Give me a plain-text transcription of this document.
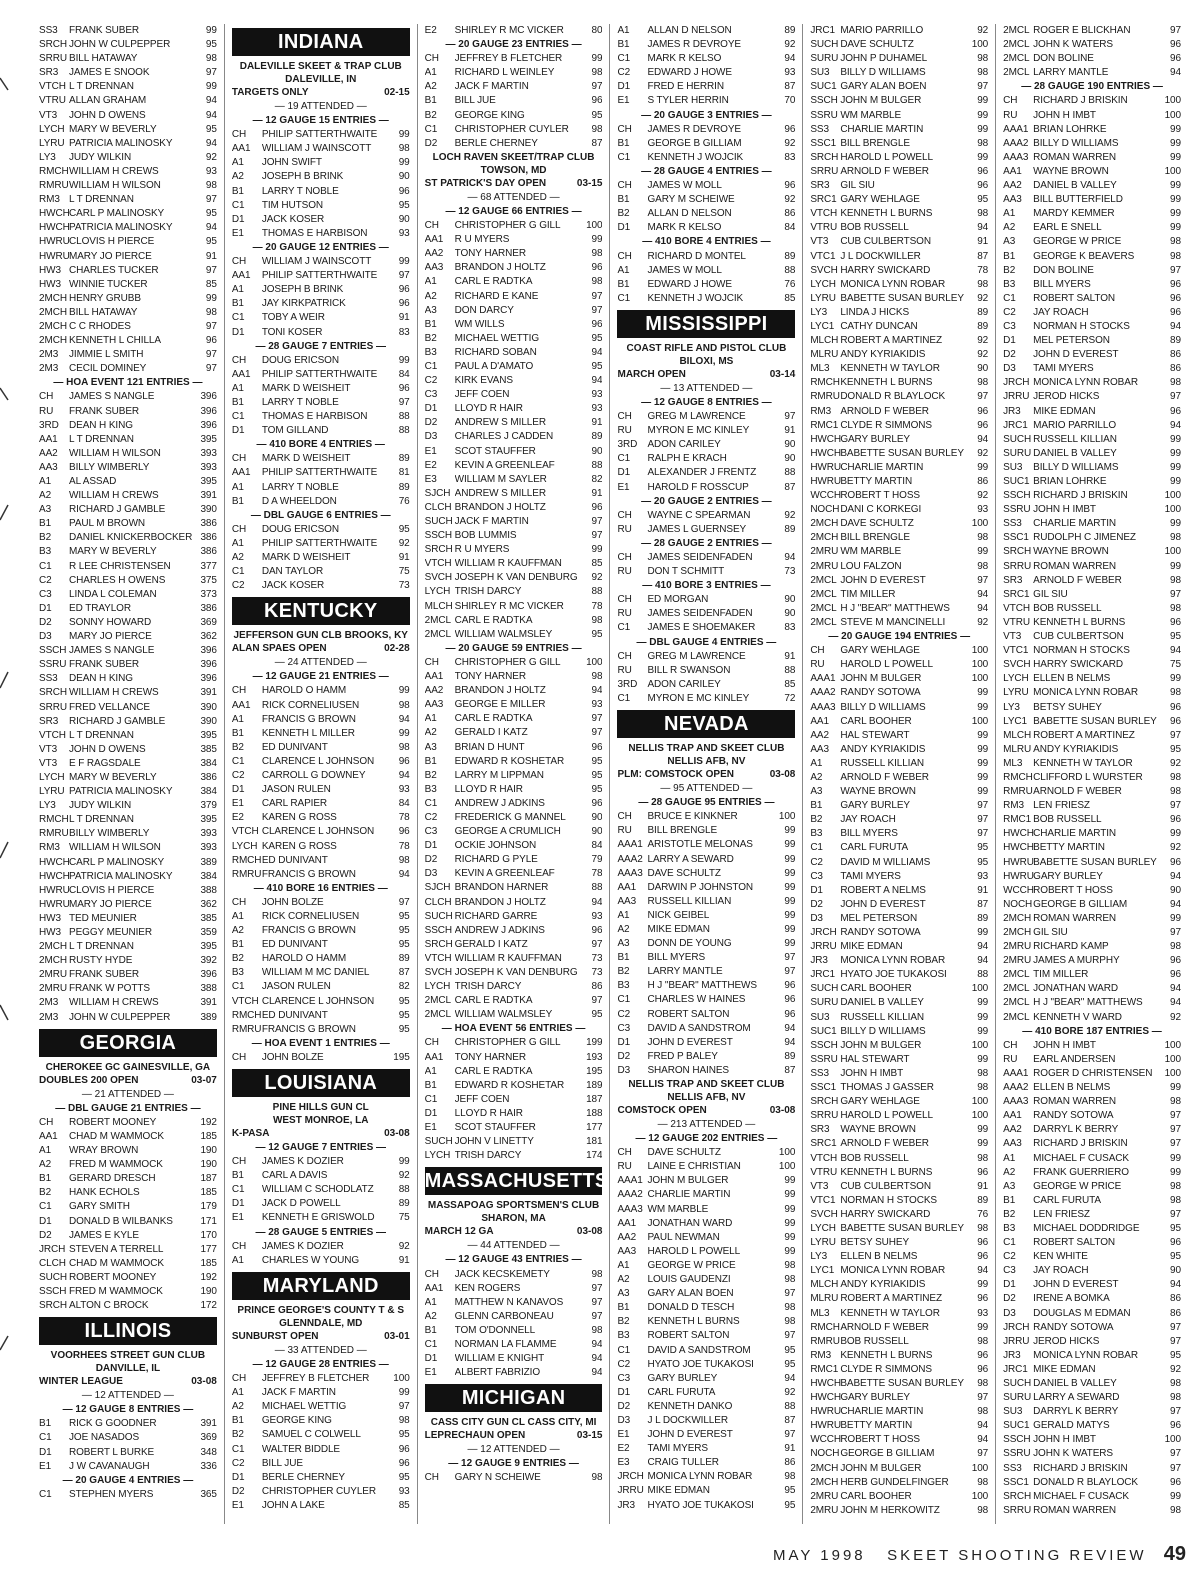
SS3	FRANK SUBER	99
SRCH JOHN W CULPEPPER	95
SRRU BILL HATAWAY	98
SR3	JAMES E SNOOK	97
VTCH L T DRENNAN	99
VTRU ALLAN GRAHAM	94
VT3	JOHN D OWENS	94
LYCH MARY W BEVERLY	95
LYRU PATRICIA MALINOSKY	94
LY3	JUDY WILKIN	92
RMCH WILLIAM H CREWS	93
RMRU WILLIAM H WILSON	98
RM3 L T DRENNAN	97
HWCH CARL P MALINOSKY	95
HWCH PATRICIA MALINOSKY	94
HWRU CLOVIS H PIERCE	95
HWRU MARY JO PIERCE	91
HW3 CHARLES TUCKER	97
HW3 WINNIE TUCKER	85
2MCH HENRY GRUBB	99
2MCH BILL HATAWAY	98
2MCH C C RHODES	97
2MCH KENNETH L CHILLA	96
2M3	JIMMIE L SMITH	97
2M3	CECIL DOMINEY	97
— HOA EVENT 121 ENTRIES —
CH	JAMES S NANGLE	396
RU	FRANK SUBER	396
3RD	DEAN H KING	396
AA1	L T DRENNAN	395
AA2	WILLIAM H WILSON	393
AA3	BILLY WIMBERLY	393
A1	AL ASSAD	395
A2	WILLIAM H CREWS	391
A3	RICHARD J GAMBLE	390
B1	PAUL M BROWN	386
B2	DANIEL KNICKERBOCKER 386
B3	MARY W BEVERLY	386
C1	R LEE CHRISTENSEN	377
C2	CHARLES H OWENS	375
C3	LINDA L COLEMAN	373
D1	ED TRAYLOR	386
D2	SONNY HOWARD	369
D3	MARY JO PIERCE	362
SSCH JAMES S NANGLE	396
SSRU FRANK SUBER	396
SS3	DEAN H KING	396
SRCH WILLIAM H CREWS	391
SRRU FRED VELLANCE	390
SR3	RICHARD J GAMBLE	390
VTCH L T DRENNAN	395
VT3	JOHN D OWENS	385
VT3	E F RAGSDALE	384
LYCH MARY W BEVERLY	386
LYRU PATRICIA MALINOSKY	384
LY3	JUDY WILKIN	379
RMCH L T DRENNAN	395
RMRU BILLY WIMBERLY	393
RM3 WILLIAM H WILSON	393
HWCH CARL P MALINOSKY	389
HWCH PATRICIA MALINOSKY	384
HWRU CLOVIS H PIERCE	388
HWRU MARY JO PIERCE	362
HW3 TED MEUNIER	385
HW3 PEGGY MEUNIER	359
2MCH L T DRENNAN	395
2MCH RUSTY HYDE	392
2MRU FRANK SUBER	396
2MRU FRANK W POTTS	388
2M3	WILLIAM H CREWS	391
2M3	JOHN W CULPEPPER	389
GEORGIA
CHEROKEE GC GAINESVILLE, GA
DOUBLES 200 OPEN	03-07
— 21 ATTENDED —
— DBL GAUGE 21 ENTRIES —
CH	ROBERT MOONEY	192
AA1	CHAD M WAMMOCK	185
A1	WRAY BROWN	190
A2	FRED M WAMMOCK	190
B1	GERARD DRESCH	187
B2	HANK ECHOLS	185
C1	GARY SMITH	179
D1	DONALD B WILBANKS	171
D2	JAMES E KYLE	170
JRCH STEVEN A TERRELL	177
CLCH CHAD M WAMMOCK	185
SUCH ROBERT MOONEY	192
SSCH FRED M WAMMOCK	190
SRCH ALTON C BROCK	172
ILLINOIS
VOORHEES STREET GUN CLUB
DANVILLE, IL
WINTER LEAGUE	03-08
— 12 ATTENDED —
— 12 GAUGE 8 ENTRIES —
B1	RICK G GOODNER	391
C1	JOE NASADOS	369
D1	ROBERT L BURKE	348
E1	J W CAVANAUGH	336
— 20 GAUGE 4 ENTRIES —
C1	STEPHEN MYERS	365
INDIANA
DALEVILLE SKEET & TRAP CLUB
DALEVILLE, IN
TARGETS ONLY	02-15
— 19 ATTENDED —
— 12 GAUGE 15 ENTRIES —
CH	PHILIP SATTERTHWAITE	99
AA1	WILLIAM J WAINSCOTT	98
A1	JOHN SWIFT	99
A2	JOSEPH B BRINK	90
B1	LARRY T NOBLE	96
C1	TIM HUTSON	95
D1	JACK KOSER	90
E1	THOMAS E HARBISON	93
— 20 GAUGE 12 ENTRIES —
CH	WILLIAM J WAINSCOTT	99
AA1	PHILIP SATTERTHWAITE	97
A1	JOSEPH B BRINK	96
B1	JAY KIRKPATRICK	96
C1	TOBY A WEIR	91
D1	TONI KOSER	83
— 28 GAUGE 7 ENTRIES —
CH	DOUG ERICSON	99
AA1	PHILIP SATTERTHWAITE	84
A1	MARK D WEISHEIT	96
B1	LARRY T NOBLE	97
C1	THOMAS E HARBISON	88
D1	TOM GILLAND	88
— 410 BORE 4 ENTRIES —
CH	MARK D WEISHEIT	89
AA1	PHILIP SATTERTHWAITE	81
A1	LARRY T NOBLE	89
B1	D A WHEELDON	76
— DBL GAUGE 6 ENTRIES —
CH	DOUG ERICSON	95
A1	PHILIP SATTERTHWAITE	92
A2	MARK D WEISHEIT	91
C1	DAN TAYLOR	75
C2	JACK KOSER	73
KENTUCKY
JEFFERSON GUN CLB BROOKS, KY
ALAN SPAES OPEN	02-28
— 24 ATTENDED —
— 12 GAUGE 21 ENTRIES —
CH	HAROLD O HAMM	99
AA1	RICK CORNELIUSEN	98
A1	FRANCIS G BROWN	94
B1	KENNETH L MILLER	99
B2	ED DUNIVANT	98
C1	CLARENCE L JOHNSON	96
C2	CARROLL G DOWNEY	94
D1	JASON RULEN	93
E1	CARL RAPIER	84
E2	KAREN G ROSS	78
VTCH CLARENCE L JOHNSON	96
LYCH KAREN G ROSS	78
RMCH ED DUNIVANT	98
RMRU FRANCIS G BROWN	94
— 410 BORE 16 ENTRIES —
CH	JOHN BOLZE	97
A1	RICK CORNELIUSEN	95
A2	FRANCIS G BROWN	95
B1	ED DUNIVANT	95
B2	HAROLD O HAMM	89
B3	WILLIAM M MC DANIEL	87
C1	JASON RULEN	82
VTCH CLARENCE L JOHNSON	95
RMCH ED DUNIVANT	95
RMRU FRANCIS G BROWN	95
— HOA EVENT 1 ENTRIES —
CH	JOHN BOLZE	195
LOUISIANA
PINE HILLS GUN CL
WEST MONROE, LA
K-PASA	03-08
— 12 GAUGE 7 ENTRIES —
CH	JAMES K DOZIER	99
B1	CARL A DAVIS	92
C1	WILLIAM C SCHODLATZ	88
D1	JACK D POWELL	89
E1	KENNETH E GRISWOLD	75
— 28 GAUGE 5 ENTRIES —
CH	JAMES K DOZIER	92
A1	CHARLES W YOUNG	91
MARYLAND
PRINCE GEORGE'S COUNTY T & S
GLENNDALE, MD
SUNBURST OPEN	03-01
— 33 ATTENDED —
— 12 GAUGE 28 ENTRIES —
CH	JEFFREY B FLETCHER	100
A1	JACK F MARTIN	99
A2	MICHAEL WETTIG	97
B1	GEORGE KING	98
B2	SAMUEL C COLWELL	95
C1	WALTER BIDDLE	96
C2	BILL JUE	96
D1	BERLE CHERNEY	95
D2	CHRISTOPHER CUYLER	93
E1	JOHN A LAKE	85
E2	SHIRLEY R MC VICKER	80
— 20 GAUGE 23 ENTRIES —
CH	JEFFREY B FLETCHER	99
A1	RICHARD L WEINLEY	98
A2	JACK F MARTIN	97
B1	BILL JUE	96
B2	GEORGE KING	95
C1	CHRISTOPHER CUYLER	98
D2	BERLE CHERNEY	87
LOCH RAVEN SKEET/TRAP CLUB
TOWSON, MD
ST PATRICK'S DAY OPEN	03-15
— 68 ATTENDED —
— 12 GAUGE 66 ENTRIES —
CH	CHRISTOPHER G GILL	100
AA1	R U MYERS	99
AA2	TONY HARNER	98
AA3	BRANDON J HOLTZ	96
A1	CARL E RADTKA	98
A2	RICHARD E KANE	97
A3	DON DARCY	97
B1	WM WILLS	96
B2	MICHAEL WETTIG	95
B3	RICHARD SOBAN	94
C1	PAUL A D'AMATO	95
C2	KIRK EVANS	94
C3	JEFF COEN	93
D1	LLOYD R HAIR	93
D2	ANDREW S MILLER	91
D3	CHARLES J CADDEN	89
E1	SCOT STAUFFER	90
E2	KEVIN A GREENLEAF	88
E3	WILLIAM M SAYLER	82
SJCH ANDREW S MILLER	91
CLCH BRANDON J HOLTZ	96
SUCH JACK F MARTIN	97
SSCH BOB LUMMIS	97
SRCH R U MYERS	99
VTCH WILLIAM R KAUFFMAN	85
SVCH JOSEPH K VAN DENBURG	92
LYCH TRISH DARCY	88
MLCH SHIRLEY R MC VICKER	78
2MCL CARL E RADTKA	98
2MCL WILLIAM WALMSLEY	95
— 20 GAUGE 59 ENTRIES —
CH	CHRISTOPHER G GILL	100
AA1	TONY HARNER	98
AA2	BRANDON J HOLTZ	94
AA3	GEORGE E MILLER	93
A1	CARL E RADTKA	97
A2	GERALD I KATZ	97
A3	BRIAN D HUNT	96
B1	EDWARD R KOSHETAR	95
B2	LARRY M LIPPMAN	95
B3	LLOYD R HAIR	95
C1	ANDREW J ADKINS	96
C2	FREDERICK G MANNEL	90
C3	GEORGE A CRUMLICH	90
D1	OCKIE JOHNSON	84
D2	RICHARD G PYLE	79
D3	KEVIN A GREENLEAF	78
SJCH BRANDON HARNER	88
CLCH BRANDON J HOLTZ	94
SUCH RICHARD GARRE	93
SSCH ANDREW J ADKINS	96
SRCH GERALD I KATZ	97
VTCH WILLIAM R KAUFFMAN	73
SVCH JOSEPH K VAN DENBURG	73
LYCH TRISH DARCY	86
2MCL CARL E RADTKA	97
2MCL WILLIAM WALMSLEY	95
— HOA EVENT 56 ENTRIES —
CH	CHRISTOPHER G GILL	199
AA1	TONY HARNER	193
A1	CARL E RADTKA	195
B1	EDWARD R KOSHETAR	189
C1	JEFF COEN	187
D1	LLOYD R HAIR	188
E1	SCOT STAUFFER	177
SUCH JOHN V LINETTY	181
LYCH TRISH DARCY	174
MASSACHUSETTS
MASSAPOAG SPORTSMEN'S CLUB
SHARON, MA
MARCH 12 GA	03-08
— 44 ATTENDED —
— 12 GAUGE 43 ENTRIES —
CH	JACK KECSKEMETY	98
AA1	KEN ROGERS	97
A1	MATTHEW N KANAVOS	97
A2	GLENN CARBONEAU	97
B1	TOM O'DONNELL	98
C1	NORMAN LA FLAMME	94
D1	WILLIAM E KNIGHT	94
E1	ALBERT FABRIZIO	94
MICHIGAN
CASS CITY GUN CL CASS CITY, MI
LEPRECHAUN OPEN	03-15
— 12 ATTENDED —
— 12 GAUGE 9 ENTRIES —
CH	GARY N SCHEIWE	98
A1	ALLAN D NELSON	89
B1	JAMES R DEVROYE	92
C1	MARK R KELSO	94
C2	EDWARD J HOWE	93
D1	FRED E HERRIN	87
E1	S TYLER HERRIN	70
— 20 GAUGE 3 ENTRIES —
CH	JAMES R DEVROYE	96
B1	GEORGE B GILLIAM	92
C1	KENNETH J WOJCIK	83
— 28 GAUGE 4 ENTRIES —
CH	JAMES W MOLL	96
B1	GARY M SCHEIWE	92
B2	ALLAN D NELSON	86
D1	MARK R KELSO	84
— 410 BORE 4 ENTRIES —
CH	RICHARD D MONTEL	89
A1	JAMES W MOLL	88
B1	EDWARD J HOWE	76
C1	KENNETH J WOJCIK	85
MISSISSIPPI
COAST RIFLE AND PISTOL CLUB
BILOXI, MS
MARCH OPEN	03-14
— 13 ATTENDED —
— 12 GAUGE 8 ENTRIES —
CH	GREG M LAWRENCE	97
RU	MYRON E MC KINLEY	91
3RD	ADON CARILEY	90
C1	RALPH E KRACH	90
D1	ALEXANDER J FRENTZ	88
E1	HAROLD F ROSSCUP	87
— 20 GAUGE 2 ENTRIES —
CH	WAYNE C SPEARMAN	92
RU	JAMES L GUERNSEY	89
— 28 GAUGE 2 ENTRIES —
CH	JAMES SEIDENFADEN	94
RU	DON T SCHMITT	73
— 410 BORE 3 ENTRIES —
CH	ED MORGAN	90
RU	JAMES SEIDENFADEN	90
C1	JAMES E SHOEMAKER	83
— DBL GAUGE 4 ENTRIES —
CH	GREG M LAWRENCE	91
RU	BILL R SWANSON	88
3RD	ADON CARILEY	85
C1	MYRON E MC KINLEY	72
NEVADA
NELLIS TRAP AND SKEET CLUB
NELLIS AFB, NV
PLM: COMSTOCK OPEN	03-08
— 95 ATTENDED —
— 28 GAUGE 95 ENTRIES —
CH	BRUCE E KINKNER	100
RU	BILL BRENGLE	99
AAA1 ARISTOTLE MELONAS	99
AAA2 LARRY A SEWARD	99
AAA3 DAVE SCHULTZ	99
AA1	DARWIN P JOHNSTON	99
AA3	RUSSELL KILLIAN	99
A1	NICK GEIBEL	99
A2	MIKE EDMAN	99
A3	DONN DE YOUNG	99
B1	BILL MYERS	97
B2	LARRY MANTLE	97
B3	H J "BEAR" MATTHEWS	96
C1	CHARLES W HAINES	96
C2	ROBERT SALTON	96
C3	DAVID A SANDSTROM	94
D1	JOHN D EVEREST	94
D2	FRED P BALEY	89
D3	SHARON HAINES	87
NELLIS TRAP AND SKEET CLUB
NELLIS AFB, NV
COMSTOCK OPEN	03-08
— 213 ATTENDED —
— 12 GAUGE 202 ENTRIES —
CH	DAVE SCHULTZ	100
RU	LAINE E CHRISTIAN	100
AAA1 JOHN M BULGER	99
AAA2 CHARLIE MARTIN	99
AAA3 WM MARBLE	99
AA1	JONATHAN WARD	99
AA2	PAUL NEWMAN	99
AA3	HAROLD L POWELL	99
A1	GEORGE W PRICE	98
A2	LOUIS GAUDENZI	98
A3	GARY ALAN BOEN	97
B1	DONALD D TESCH	98
B2	KENNETH L BURNS	98
B3	ROBERT SALTON	97
C1	DAVID A SANDSTROM	95
C2	HYATO JOE TUKAKOSI	95
C3	GARY BURLEY	94
D1	CARL FURUTA	92
D2	KENNETH DANKO	88
D3	J L DOCKWILLER	87
E1	JOHN D EVEREST	97
E2	TAMI MYERS	91
E3	CRAIG TULLER	86
JRCH MONICA LYNN ROBAR	98
JRRU MIKE EDMAN	95
JR3	HYATO JOE TUKAKOSI	95
JRC1 MARIO PARRILLO	92
SUCH DAVE SCHULTZ	100
SURU JOHN P DUHAMEL	98
SU3	BILLY D WILLIAMS	98
SUC1 GARY ALAN BOEN	97
SSCH JOHN M BULGER	99
SSRU WM MARBLE	99
SS3	CHARLIE MARTIN	99
SSC1 BILL BRENGLE	98
SRCH HAROLD L POWELL	99
SRRU ARNOLD F WEBER	96
SR3	GIL SIU	96
SRC1 GARY WEHLAGE	95
VTCH KENNETH L BURNS	98
VTRU BOB RUSSELL	94
VT3	CUB CULBERTSON	91
VTC1 J L DOCKWILLER	87
SVCH HARRY SWICKARD	78
LYCH MONICA LYNN ROBAR	98
LYRU BABETTE SUSAN BURLEY	92
LY3	LINDA J HICKS	89
LYC1 CATHY DUNCAN	89
MLCH ROBERT A MARTINEZ	92
MLRU ANDY KYRIAKIDIS	92
ML3	KENNETH W TAYLOR	90
RMCH KENNETH L BURNS	98
RMRU DONALD R BLAYLOCK	97
RM3 ARNOLD F WEBER	96
RMC1 CLYDE R SIMMONS	96
HWCH GARY BURLEY	94
HWCH BABETTE SUSAN BURLEY	92
HWRU CHARLIE MARTIN	99
HWRU BETTY MARTIN	86
WCCH ROBERT T HOSS	92
NOCH DANI C KORKEGI	93
2MCH DAVE SCHULTZ	100
2MCH BILL BRENGLE	98
2MRU WM MARBLE	99
2MRU LOU FALZON	98
2MCL JOHN D EVEREST	97
2MCL TIM MILLER	94
2MCL H J "BEAR" MATTHEWS	94
2MCL STEVE M MANCINELLI	92
— 20 GAUGE 194 ENTRIES —
CH	GARY WEHLAGE	100
RU	HAROLD L POWELL	100
AAA1 JOHN M BULGER	100
AAA2 RANDY SOTOWA	99
AAA3 BILLY D WILLIAMS	99
AA1	CARL BOOHER	100
AA2	HAL STEWART	99
AA3	ANDY KYRIAKIDIS	99
A1	RUSSELL KILLIAN	99
A2	ARNOLD F WEBER	99
A3	WAYNE BROWN	99
B1	GARY BURLEY	97
B2	JAY ROACH	97
B3	BILL MYERS	97
C1	CARL FURUTA	95
C2	DAVID M WILLIAMS	95
C3	TAMI MYERS	93
D1	ROBERT A NELMS	91
D2	JOHN D EVEREST	87
D3	MEL PETERSON	89
JRCH RANDY SOTOWA	99
JRRU MIKE EDMAN	94
JR3	MONICA LYNN ROBAR	94
JRC1 HYATO JOE TUKAKOSI	88
SUCH CARL BOOHER	100
SURU DANIEL B VALLEY	99
SU3	RUSSELL KILLIAN	99
SUC1 BILLY D WILLIAMS	99
SSCH JOHN M BULGER	100
SSRU HAL STEWART	99
SS3	JOHN H IMBT	98
SSC1 THOMAS J GASSER	98
SRCH GARY WEHLAGE	100
SRRU HAROLD L POWELL	100
SR3	WAYNE BROWN	99
SRC1 ARNOLD F WEBER	99
VTCH BOB RUSSELL	98
VTRU KENNETH L BURNS	96
VT3	CUB CULBERTSON	91
VTC1 NORMAN H STOCKS	89
SVCH HARRY SWICKARD	76
LYCH BABETTE SUSAN BURLEY	98
LYRU BETSY SUHEY	96
LY3	ELLEN B NELMS	96
LYC1 MONICA LYNN ROBAR	94
MLCH ANDY KYRIAKIDIS	99
MLRU ROBERT A MARTINEZ	96
ML3	KENNETH W TAYLOR	93
RMCH ARNOLD F WEBER	99
RMRU BOB RUSSELL	98
RM3 KENNETH L BURNS	96
RMC1 CLYDE R SIMMONS	96
HWCH BABETTE SUSAN BURLEY	98
HWCH GARY BURLEY	97
HWRU CHARLIE MARTIN	98
HWRU BETTY MARTIN	94
WCCH ROBERT T HOSS	94
NOCH GEORGE B GILLIAM	97
2MCH JOHN M BULGER	100
2MCH HERB GUNDELFINGER	98
2MRU CARL BOOHER	100
2MRU JOHN M HERKOWITZ	98
2MCL ROGER E BLICKHAN	97
2MCL JOHN K WATERS	96
2MCL DON BOLINE	96
2MCL LARRY MANTLE	94
— 28 GAUGE 190 ENTRIES —
CH	RICHARD J BRISKIN	100
RU	JOHN H IMBT	100
AAA1 BRIAN LOHRKE	99
AAA2 BILLY D WILLIAMS	99
AAA3 ROMAN WARREN	99
AA1	WAYNE BROWN	100
AA2	DANIEL B VALLEY	99
AA3	BILL BUTTERFIELD	99
A1	MARDY KEMMER	99
A2	EARL E SNELL	99
A3	GEORGE W PRICE	98
B1	GEORGE K BEAVERS	98
B2	DON BOLINE	97
B3	BILL MYERS	96
C1	ROBERT SALTON	96
C2	JAY ROACH	96
C3	NORMAN H STOCKS	94
D1	MEL PETERSON	89
D2	JOHN D EVEREST	86
D3	TAMI MYERS	86
JRCH MONICA LYNN ROBAR	98
JRRU JEROD HICKS	97
JR3	MIKE EDMAN	96
JRC1 MARIO PARRILLO	94
SUCH RUSSELL KILLIAN	99
SURU DANIEL B VALLEY	99
SU3	BILLY D WILLIAMS	99
SUC1 BRIAN LOHRKE	99
SSCH RICHARD J BRISKIN	100
SSRU JOHN H IMBT	100
SS3	CHARLIE MARTIN	99
SSC1 RUDOLPH C JIMENEZ	98
SRCH WAYNE BROWN	100
SRRU ROMAN WARREN	99
SR3	ARNOLD F WEBER	98
SRC1 GIL SIU	97
VTCH BOB RUSSELL	98
VTRU KENNETH L BURNS	96
VT3	CUB CULBERTSON	95
VTC1 NORMAN H STOCKS	94
SVCH HARRY SWICKARD	75
LYCH ELLEN B NELMS	99
LYRU MONICA LYNN ROBAR	98
LY3	BETSY SUHEY	96
LYC1 BABETTE SUSAN BURLEY	96
MLCH ROBERT A MARTINEZ	97
MLRU ANDY KYRIAKIDIS	95
ML3	KENNETH W TAYLOR	92
RMCH CLIFFORD L WURSTER	98
RMRU ARNOLD F WEBER	98
RM3 LEN FRIESZ	97
RMC1 BOB RUSSELL	96
HWCH CHARLIE MARTIN	99
HWCH BETTY MARTIN	92
HWRU BABETTE SUSAN BURLEY	96
HWRU GARY BURLEY	94
WCCH ROBERT T HOSS	90
NOCH GEORGE B GILLIAM	94
2MCH ROMAN WARREN	99
2MCH GIL SIU	97
2MRU RICHARD KAMP	98
2MRU JAMES A MURPHY	96
2MCL TIM MILLER	96
2MCL JONATHAN WARD	94
2MCL H J "BEAR" MATTHEWS	94
2MCL KENNETH V WARD	92
— 410 BORE 187 ENTRIES —
CH	JOHN H IMBT	100
RU	EARL ANDERSEN	100
AAA1 ROGER D CHRISTENSEN	100
AAA2 ELLEN B NELMS	99
AAA3 ROMAN WARREN	98
AA1	RANDY SOTOWA	97
AA2	DARRYL K BERRY	97
AA3	RICHARD J BRISKIN	97
A1	MICHAEL F CUSACK	99
A2	FRANK GUERRIERO	99
A3	GEORGE W PRICE	98
B1	CARL FURUTA	98
B2	LEN FRIESZ	97
B3	MICHAEL DODDRIDGE	95
C1	ROBERT SALTON	96
C2	KEN WHITE	95
C3	JAY ROACH	90
D1	JOHN D EVEREST	94
D2	IRENE A BOMKA	86
D3	DOUGLAS M EDMAN	86
JRCH RANDY SOTOWA	97
JRRU JEROD HICKS	97
JR3	MONICA LYNN ROBAR	95
JRC1 MIKE EDMAN	92
SUCH DANIEL B VALLEY	98
SURU LARRY A SEWARD	98
SU3	DARRYL K BERRY	97
SUC1 GERALD MATYS	96
SSCH JOHN H IMBT	100
SSRU JOHN K WATERS	97
SS3	RICHARD J BRISKIN	97
SSC1 DONALD R BLAYLOCK	96
SRCH MICHAEL F CUSACK	99
SRRU ROMAN WARREN	98
MAY 1998 SKEET SHOOTING REVIEW 49
